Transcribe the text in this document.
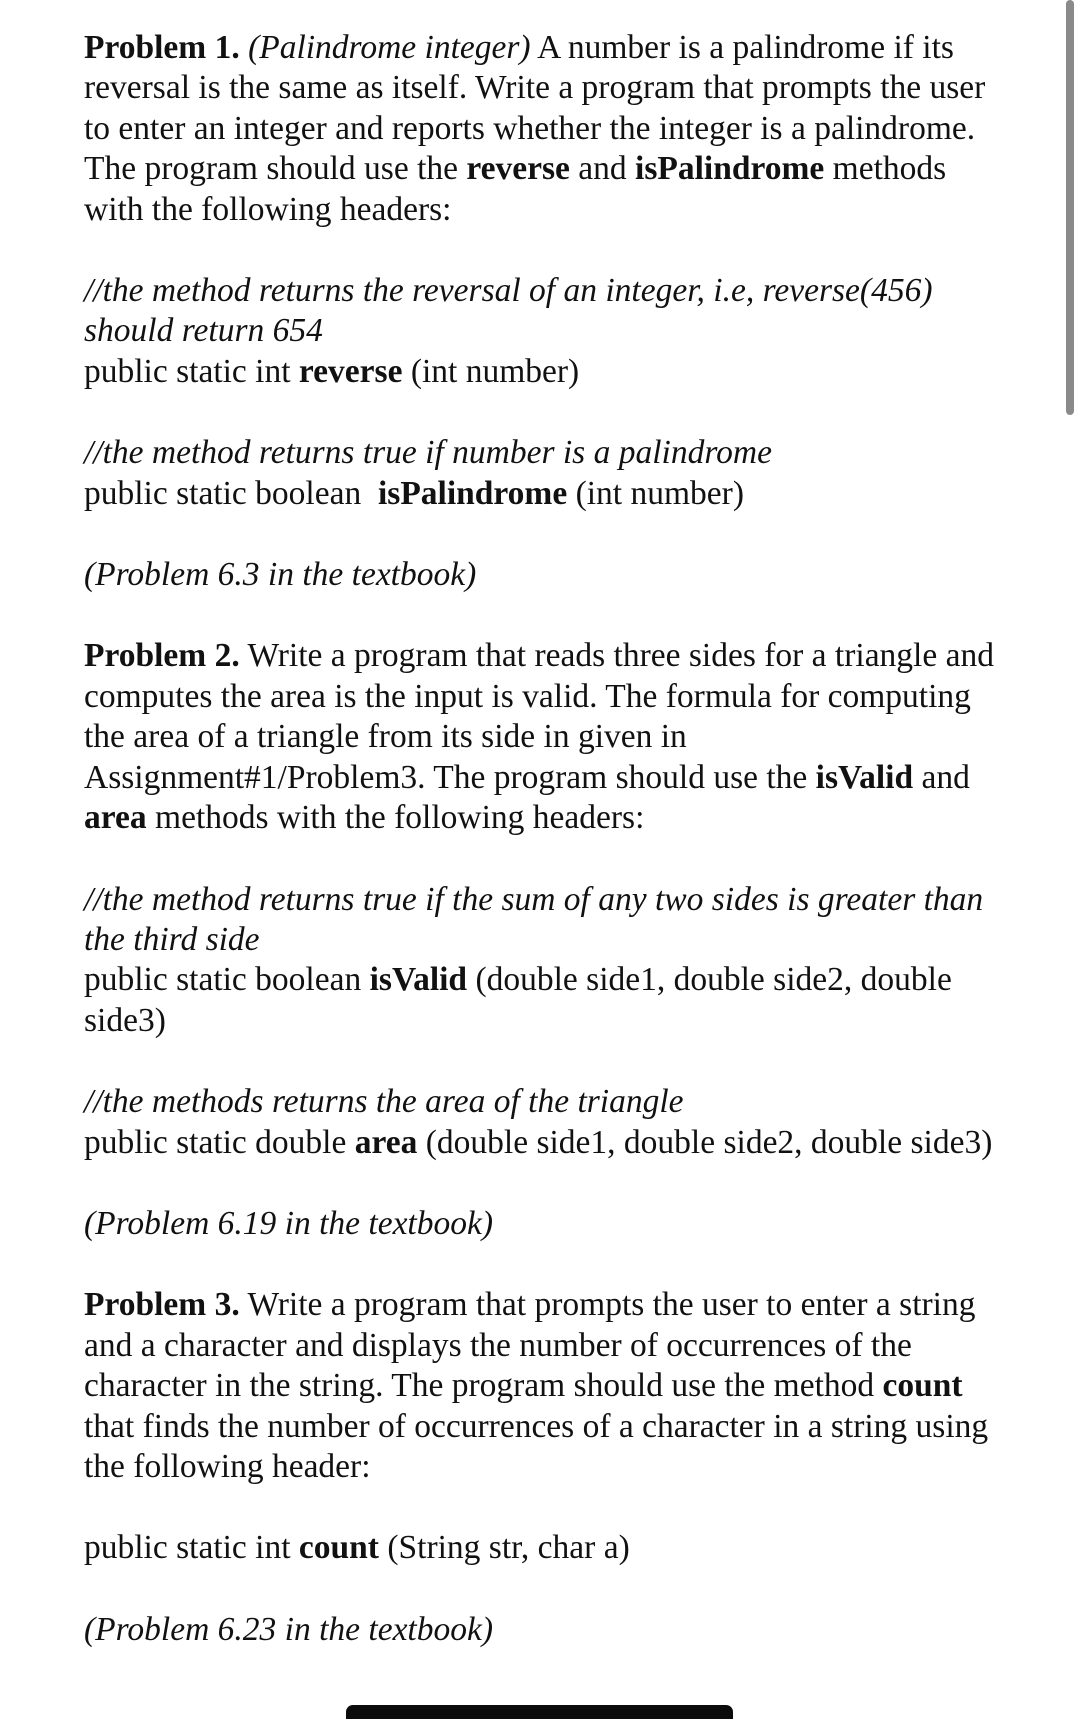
Problem 1. (Palindrome integer) A number is a palindrome if its reversal is the same as itself. Write a program that prompts the user to enter an integer and reports whether the integer is a palindrome. The program should use the reverse and isPalindrome methods with the following headers:

//the method returns the reversal of an integer, i.e, reverse(456) should return 654

public static int reverse (int number)

//the method returns true if number is a palindrome

public static boolean  isPalindrome (int number)

(Problem 6.3 in the textbook)

Problem 2. Write a program that reads three sides for a triangle and computes the area is the input is valid. The formula for computing the area of a triangle from its side in given in Assignment#1/Problem3. The program should use the isValid and area methods with the following headers:

//the method returns true if the sum of any two sides is greater than the third side

public static boolean isValid (double side1, double side2, double side3)

//the methods returns the area of the triangle

public static double area (double side1, double side2, double side3)

(Problem 6.19 in the textbook)

Problem 3. Write a program that prompts the user to enter a string and a character and displays the number of occurrences of the character in the string. The program should use the method count that finds the number of occurrences of a character in a string using the following header:

public static int count (String str, char a)

(Problem 6.23 in the textbook)
